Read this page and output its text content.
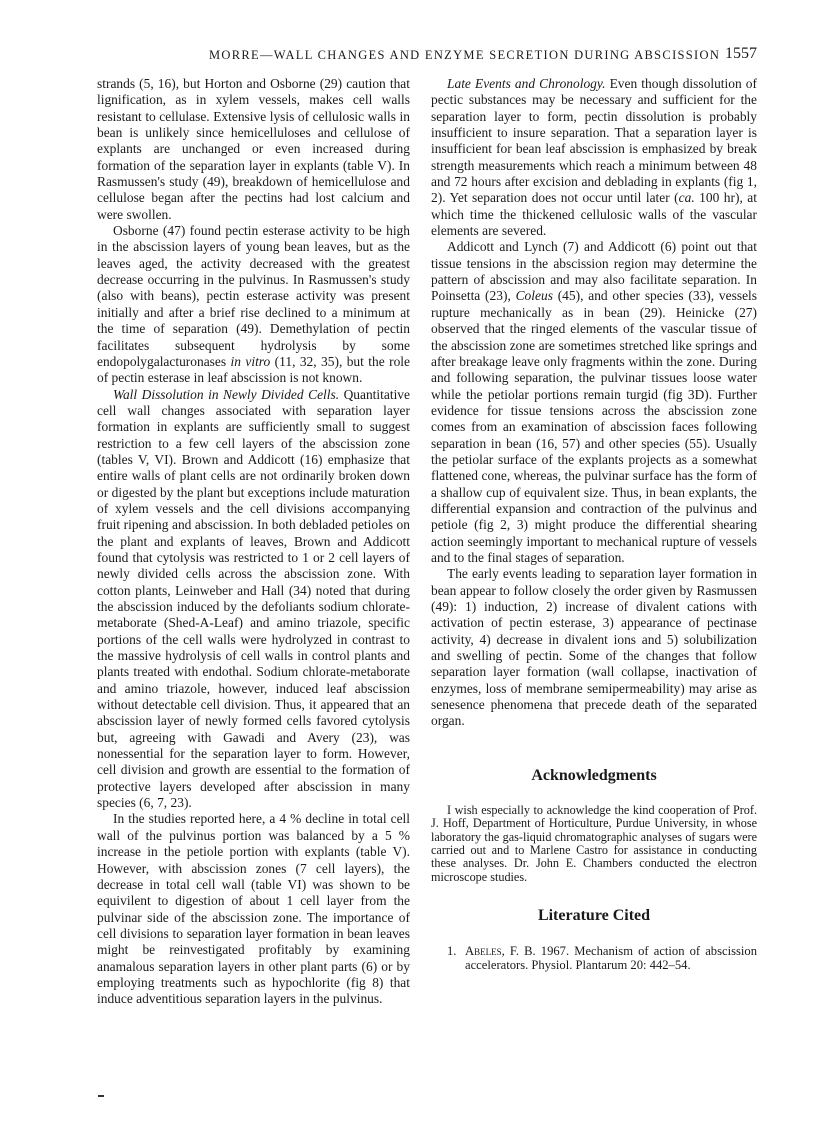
MORRE—WALL CHANGES AND ENZYME SECRETION DURING ABSCISSION 1557

strands (5, 16), but Horton and Osborne (29) caution that lignification, as in xylem vessels, makes cell walls resistant to cellulase. Extensive lysis of cellulosic walls in bean is unlikely since hemicelluloses and cellulose of explants are unchanged or even increased during formation of the separation layer in explants (table V). In Rasmussen's study (49), breakdown of hemicellulose and cellulose began after the pectins had lost calcium and were swollen.

Osborne (47) found pectin esterase activity to be high in the abscission layers of young bean leaves, but as the leaves aged, the activity decreased with the greatest decrease occurring in the pulvinus. In Rasmussen's study (also with beans), pectin esterase activity was present initially and after a brief rise declined to a minimum at the time of separation (49). Demethylation of pectin facilitates subsequent hydrolysis by some endopolygalacturonases in vitro (11, 32, 35), but the role of pectin esterase in leaf abscission is not known.

Wall Dissolution in Newly Divided Cells. Quantitative cell wall changes associated with separation layer formation in explants are sufficiently small to suggest restriction to a few cell layers of the abscission zone (tables V, VI). Brown and Addicott (16) emphasize that entire walls of plant cells are not ordinarily broken down or digested by the plant but exceptions include maturation of xylem vessels and the cell divisions accompanying fruit ripening and abscission. In both debladed petioles on the plant and explants of leaves, Brown and Addicott found that cytolysis was restricted to 1 or 2 cell layers of newly divided cells across the abscission zone. With cotton plants, Leinweber and Hall (34) noted that during the abscission induced by the defoliants sodium chlorate-metaborate (Shed-A-Leaf) and amino triazole, specific portions of the cell walls were hydrolyzed in contrast to the massive hydrolysis of cell walls in control plants and plants treated with endothal. Sodium chlorate-metaborate and amino triazole, however, induced leaf abscission without detectable cell division. Thus, it appeared that an abscission layer of newly formed cells favored cytolysis but, agreeing with Gawadi and Avery (23), was nonessential for the separation layer to form. However, cell division and growth are essential to the formation of protective layers developed after abscission in many species (6, 7, 23).

In the studies reported here, a 4 % decline in total cell wall of the pulvinus portion was balanced by a 5 % increase in the petiole portion with explants (table V). However, with abscission zones (7 cell layers), the decrease in total cell wall (table VI) was shown to be equivilent to digestion of about 1 cell layer from the pulvinar side of the abscission zone. The importance of cell divisions to separation layer formation in bean leaves might be reinvestigated profitably by examining anamalous separation layers in other plant parts (6) or by employing treatments such as hypochlorite (fig 8) that induce adventitious separation layers in the pulvinus.

Late Events and Chronology. Even though dissolution of pectic substances may be necessary and sufficient for the separation layer to form, pectin dissolution is probably insufficient to insure separation. That a separation layer is insufficient for bean leaf abscission is emphasized by break strength measurements which reach a minimum between 48 and 72 hours after excision and deblading in explants (fig 1, 2). Yet separation does not occur until later (ca. 100 hr), at which time the thickened cellulosic walls of the vascular elements are severed.

Addicott and Lynch (7) and Addicott (6) point out that tissue tensions in the abscission region may determine the pattern of abscission and may also facilitate separation. In Poinsetta (23), Coleus (45), and other species (33), vessels rupture mechanically as in bean (29). Heinicke (27) observed that the ringed elements of the vascular tissue of the abscission zone are sometimes stretched like springs and after breakage leave only fragments within the zone. During and following separation, the pulvinar tissues loose water while the petiolar portions remain turgid (fig 3D). Further evidence for tissue tensions across the abscission zone comes from an examination of abscission faces following separation in bean (16, 57) and other species (55). Usually the petiolar surface of the explants projects as a somewhat flattened cone, whereas, the pulvinar surface has the form of a shallow cup of equivalent size. Thus, in bean explants, the differential expansion and contraction of the pulvinus and petiole (fig 2, 3) might produce the differential shearing action seemingly important to mechanical rupture of vessels and to the final stages of separation.

The early events leading to separation layer formation in bean appear to follow closely the order given by Rasmussen (49): 1) induction, 2) increase of divalent cations with activation of pectin esterase, 3) appearance of pectinase activity, 4) decrease in divalent ions and 5) solubilization and swelling of pectin. Some of the changes that follow separation layer formation (wall collapse, inactivation of enzymes, loss of membrane semipermeability) may arise as senesence phenomena that precede death of the separated organ.

Acknowledgments

I wish especially to acknowledge the kind cooperation of Prof. J. Hoff, Department of Horticulture, Purdue University, in whose laboratory the gas-liquid chromatographic analyses of sugars were carried out and to Marlene Castro for assistance in conducting these analyses. Dr. John E. Chambers conducted the electron microscope studies.

Literature Cited

1. Abeles, F. B. 1967. Mechanism of action of abscission accelerators. Physiol. Plantarum 20: 442–54.
